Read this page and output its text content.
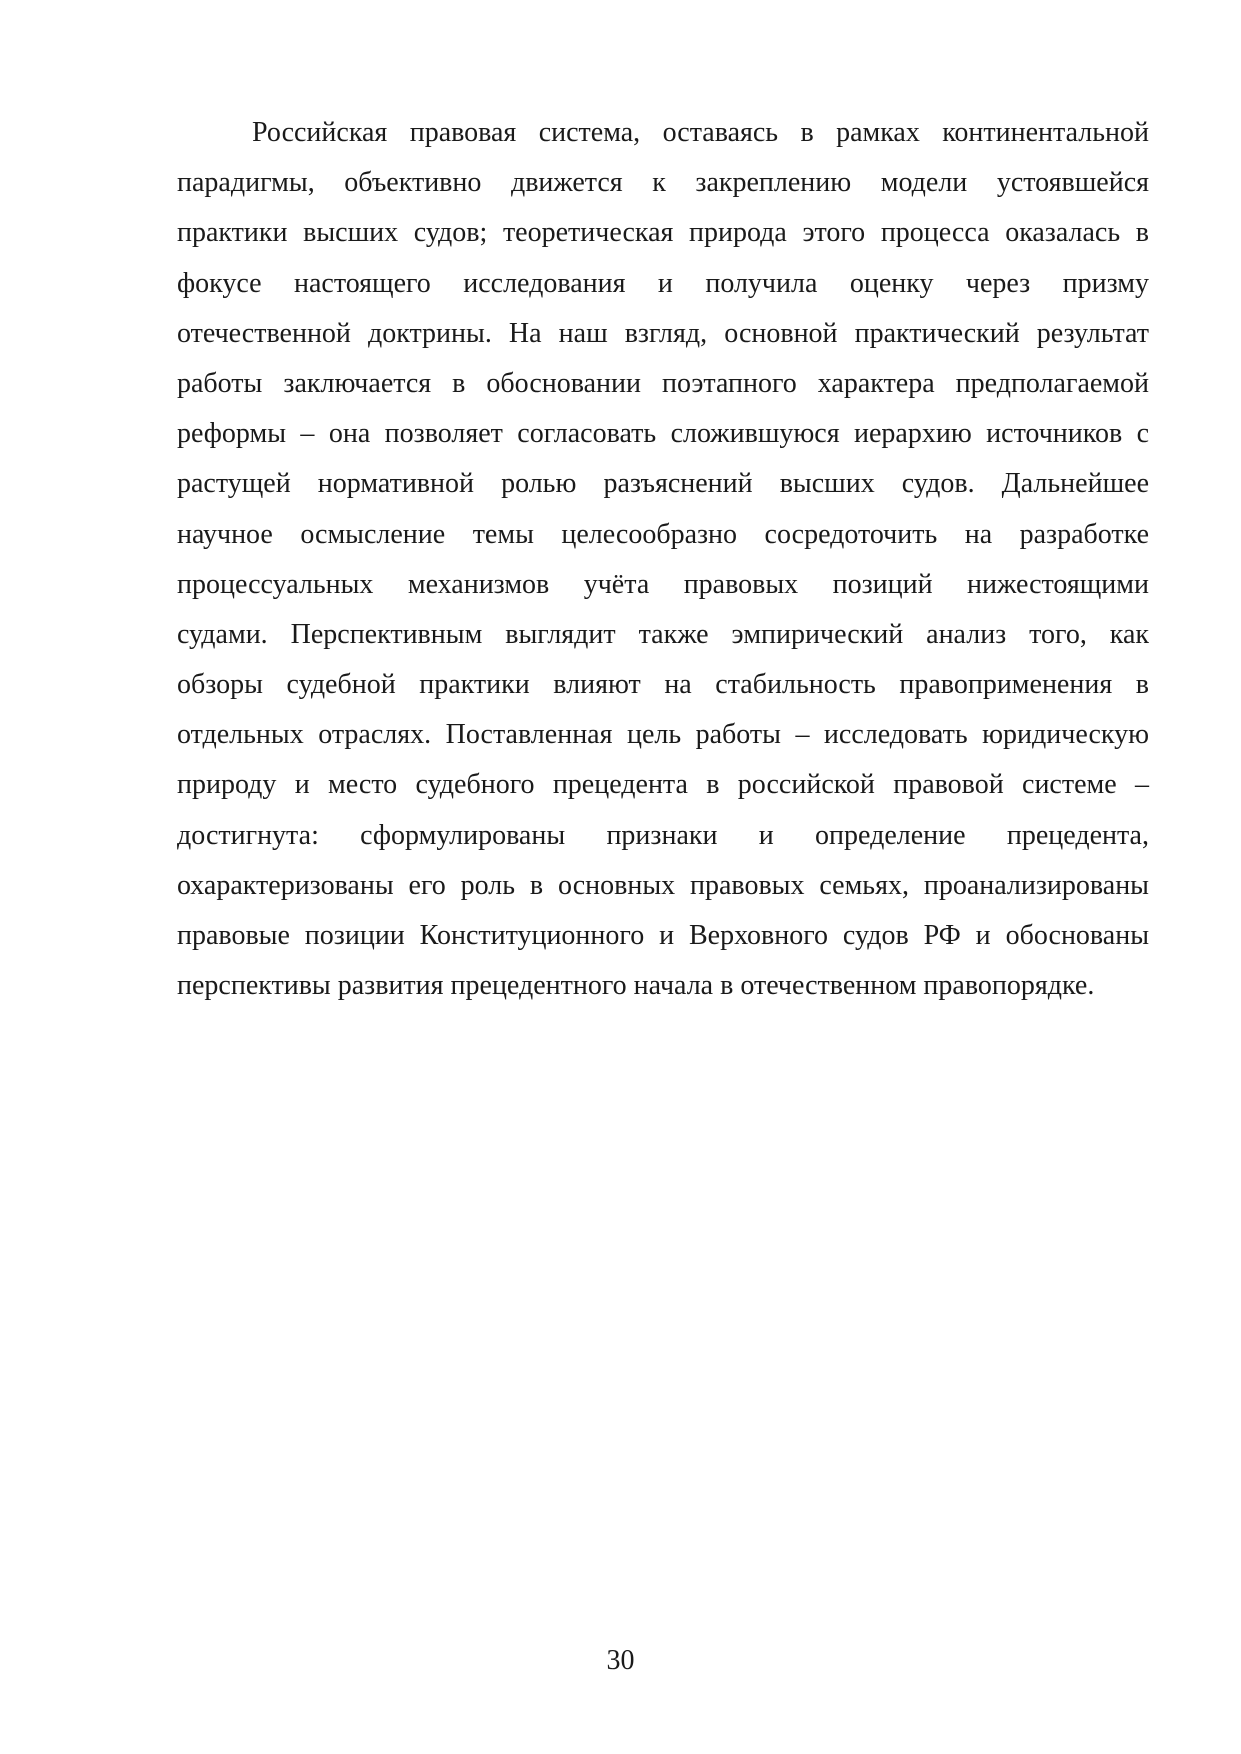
Российская правовая система, оставаясь в рамках континентальной
парадигмы, объективно движется к закреплению модели устоявшейся
практики высших судов; теоретическая природа этого процесса оказалась в
фокусе настоящего исследования и получила оценку через призму
отечественной доктрины. На наш взгляд, основной практический результат
работы заключается в обосновании поэтапного характера предполагаемой
реформы – она позволяет согласовать сложившуюся иерархию источников с
растущей нормативной ролью разъяснений высших судов. Дальнейшее
научное осмысление темы целесообразно сосредоточить на разработке
процессуальных механизмов учёта правовых позиций нижестоящими
судами. Перспективным выглядит также эмпирический анализ того, как
обзоры судебной практики влияют на стабильность правоприменения в
отдельных отраслях. Поставленная цель работы – исследовать юридическую
природу и место судебного прецедента в российской правовой системе –
достигнута: сформулированы признаки и определение прецедента,
охарактеризованы его роль в основных правовых семьях, проанализированы
правовые позиции Конституционного и Верховного судов РФ и обоснованы
перспективы развития прецедентного начала в отечественном правопорядке.
30
